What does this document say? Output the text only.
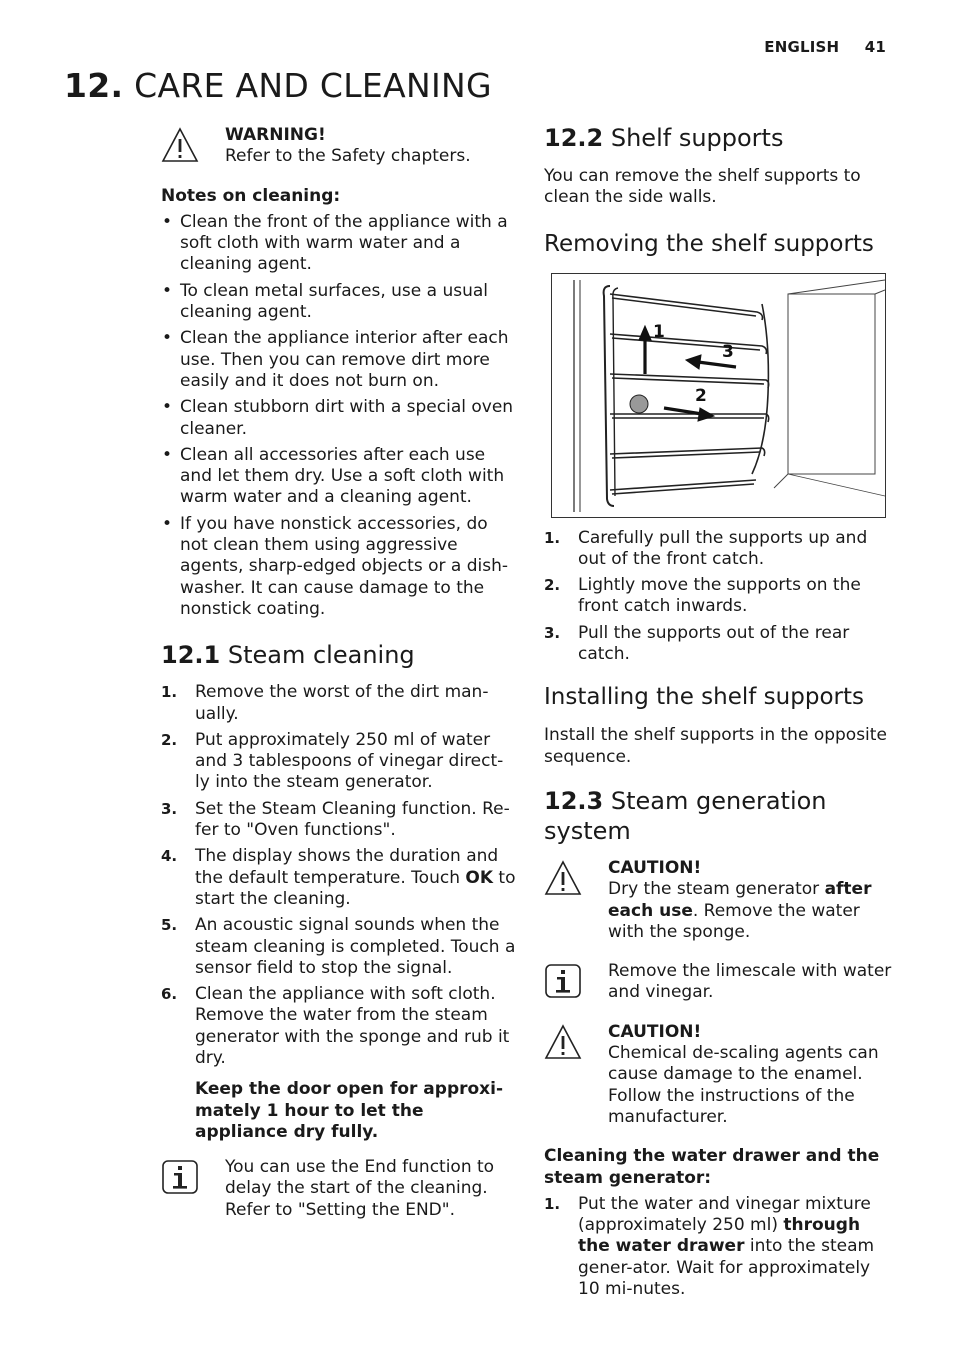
ENGLISH 41
12. CARE AND CLEANING
WARNING!
Refer to the Safety chapters.
Notes on cleaning:
• Clean the front of the appliance with a soft cloth with warm water and a cleaning agent.
• To clean metal surfaces, use a usual cleaning agent.
• Clean the appliance interior after each use. Then you can remove dirt more easily and it does not burn on.
• Clean stubborn dirt with a special oven cleaner.
• Clean all accessories after each use and let them dry. Use a soft cloth with warm water and a cleaning agent.
• If you have nonstick accessories, do not clean them using aggressive agents, sharp-edged objects or a dish-washer. It can cause damage to the nonstick coating.
12.1 Steam cleaning
1. Remove the worst of the dirt man-ually.
2. Put approximately 250 ml of water and 3 tablespoons of vinegar direct-ly into the steam generator.
3. Set the Steam Cleaning function. Re-fer to "Oven functions".
4. The display shows the duration and the default temperature. Touch OK to start the cleaning.
5. An acoustic signal sounds when the steam cleaning is completed. Touch a sensor field to stop the signal.
6. Clean the appliance with soft cloth. Remove the water from the steam generator with the sponge and rub it dry.
Keep the door open for approxi-mately 1 hour to let the appliance dry fully.
You can use the End function to delay the start of the cleaning. Refer to "Setting the END".
12.2 Shelf supports
You can remove the shelf supports to clean the side walls.
Removing the shelf supports
1
3
2
1. Carefully pull the supports up and out of the front catch.
2. Lightly move the supports on the front catch inwards.
3. Pull the supports out of the rear catch.
Installing the shelf supports
Install the shelf supports in the opposite sequence.
12.3 Steam generation system
CAUTION!
Dry the steam generator after each use. Remove the water with the sponge.
Remove the limescale with water and vinegar.
CAUTION!
Chemical de-scaling agents can cause damage to the enamel. Follow the instructions of the manufacturer.
Cleaning the water drawer and the steam generator:
1. Put the water and vinegar mixture (approximately 250 ml) through the water drawer into the steam gener-ator. Wait for approximately 10 mi-nutes.
